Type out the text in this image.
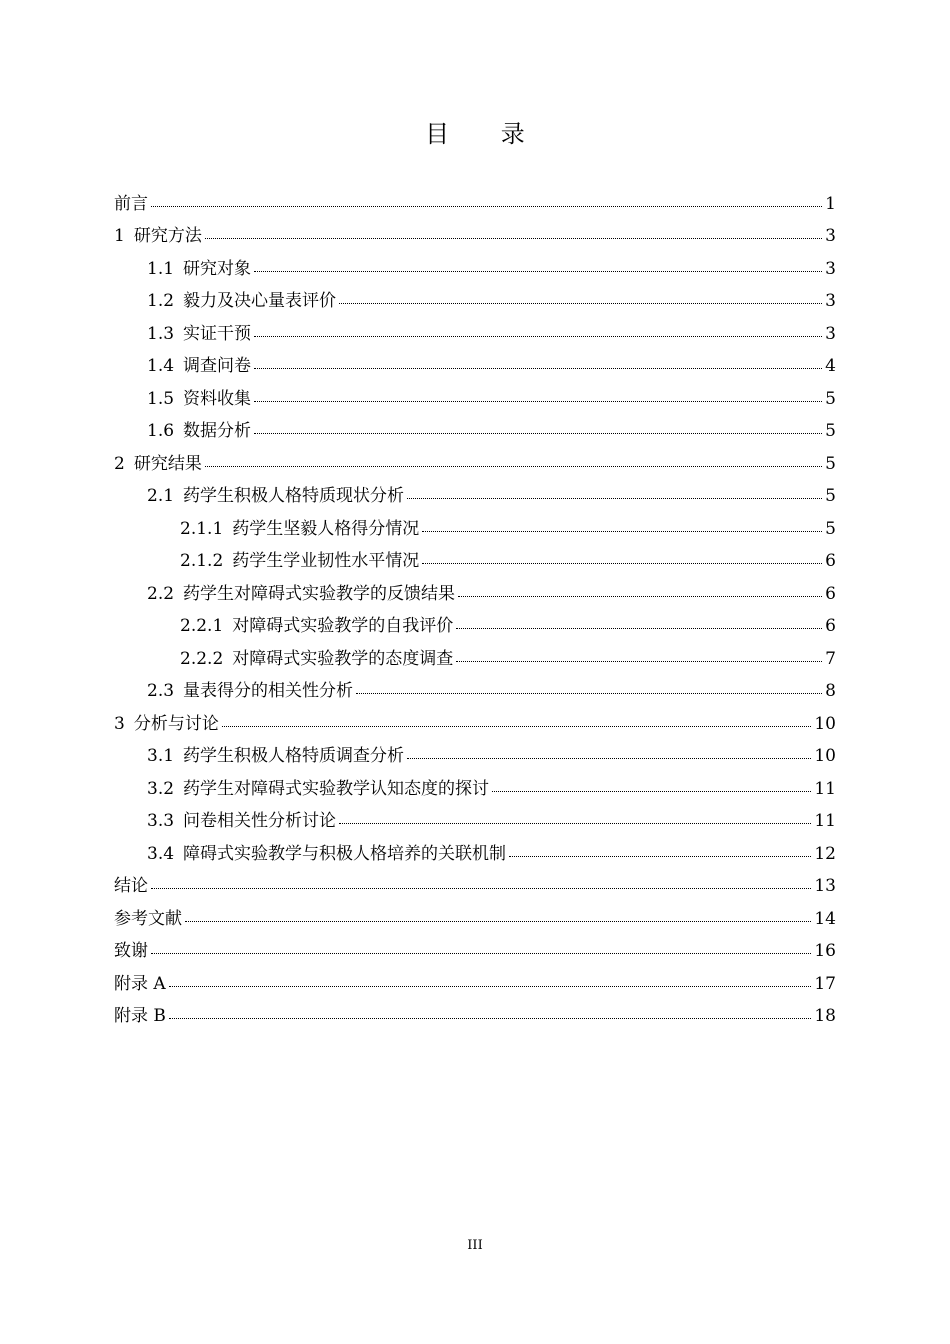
目 录
前言	1
1 研究方法	3
1.1 研究对象	3
1.2 毅力及决心量表评价	3
1.3 实证干预	3
1.4 调查问卷	4
1.5 资料收集	5
1.6 数据分析	5
2 研究结果	5
2.1 药学生积极人格特质现状分析	5
2.1.1 药学生坚毅人格得分情况	5
2.1.2 药学生学业韧性水平情况	6
2.2 药学生对障碍式实验教学的反馈结果	6
2.2.1 对障碍式实验教学的自我评价	6
2.2.2 对障碍式实验教学的态度调查	7
2.3 量表得分的相关性分析	8
3 分析与讨论	10
3.1 药学生积极人格特质调查分析	10
3.2 药学生对障碍式实验教学认知态度的探讨	11
3.3 问卷相关性分析讨论	11
3.4 障碍式实验教学与积极人格培养的关联机制	12
结论	13
参考文献	14
致谢	16
附录 A	17
附录 B	18
III
